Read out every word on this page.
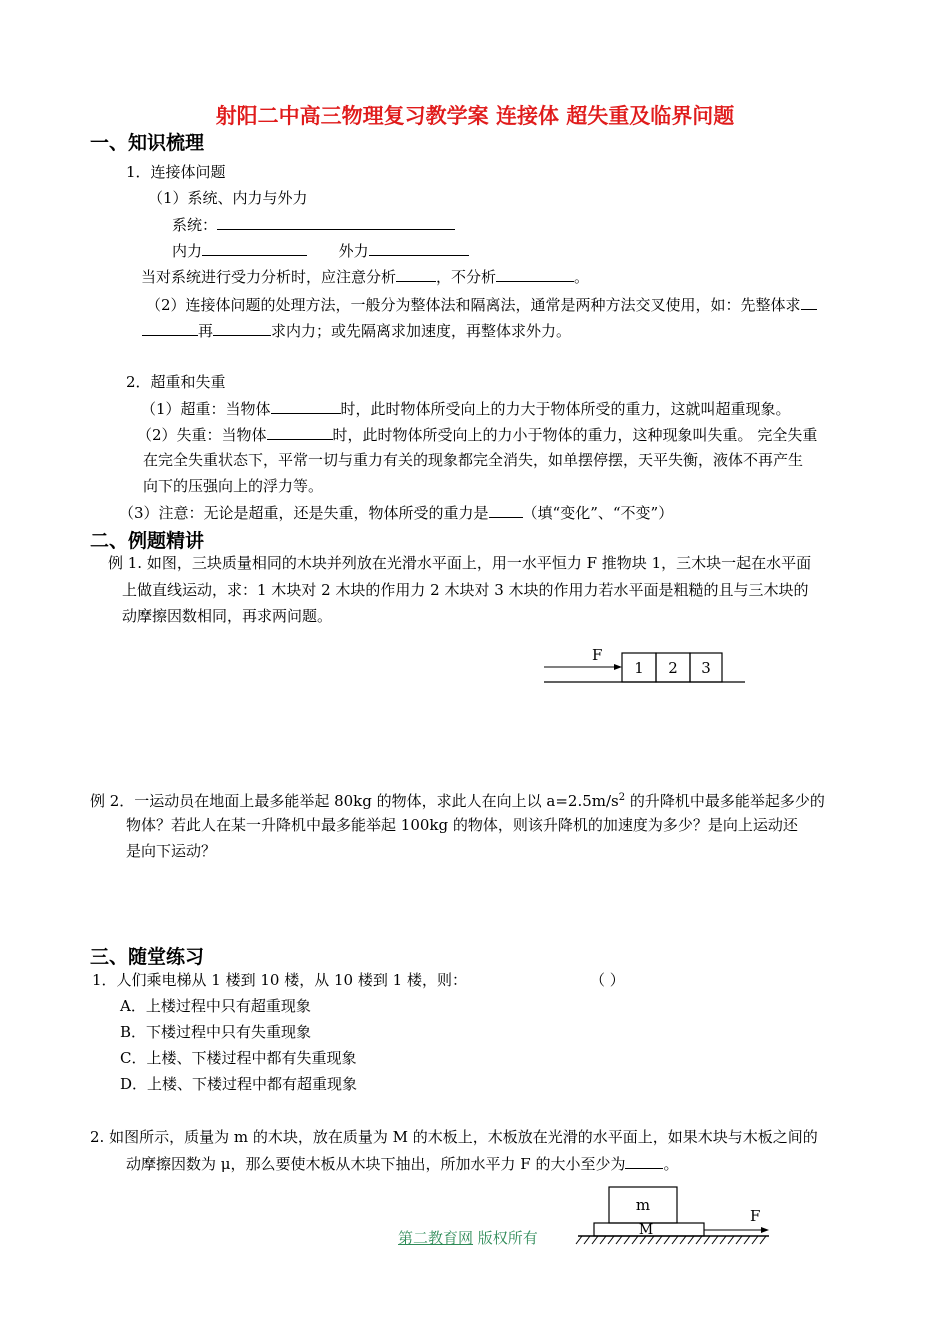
射阳二中高三物理复习教学案 连接体 超失重及临界问题
一、知识梳理
1．连接体问题
（1）系统、内力与外力
系统：
内力	外力
当对系统进行受力分析时，应注意分析	，不分析	。
（2）连接体问题的处理方法，一般分为整体法和隔离法，通常是两种方法交叉使用，如：先整体求
再	求内力；或先隔离求加速度，再整体求外力。
2．超重和失重
（1）超重：当物体	时，此时物体所受向上的力大于物体所受的重力，这就叫超重现象。
（2）失重：当物体	时，此时物体所受向上的力小于物体的重力，这种现象叫失重。 完全失重
在完全失重状态下，平常一切与重力有关的现象都完全消失，如单摆停摆，天平失衡，液体不再产生
向下的压强向上的浮力等。
（3）注意：无论是超重，还是失重，物体所受的重力是 （填“变化”、“不变”）
二、例题精讲
例 1. 如图，三块质量相同的木块并列放在光滑水平面上，用一水平恒力 F 推物块 1，三木块一起在水平面
上做直线运动，求：1 木块对 2 木块的作用力 2 木块对 3 木块的作用力若水平面是粗糙的且与三木块的
动摩擦因数相同，再求两问题。
F
1 2 3
例 2．一运动员在地面上最多能举起 80kg 的物体，求此人在向上以 $a=2.5m/s^2$ 的升降机中最多能举起多少的
物体？若此人在某一升降机中最多能举起 100kg 的物体，则该升降机的加速度为多少？是向上运动还
是向下运动？
三、随堂练习
1．人们乘电梯从 1 楼到 10 楼，从 10 楼到 1 楼，则：	（ ）
A．上楼过程中只有超重现象
B．下楼过程中只有失重现象
C．上楼、下楼过程中都有失重现象
D．上楼、下楼过程中都有超重现象
2. 如图所示，质量为 m 的木块，放在质量为 M 的木板上，木板放在光滑的水平面上，如果木块与木板之间的
动摩擦因数为 μ，那么要使木板从木块下抽出，所加水平力 F 的大小至少为	。
m
M
F
第二教育网 版权所有
